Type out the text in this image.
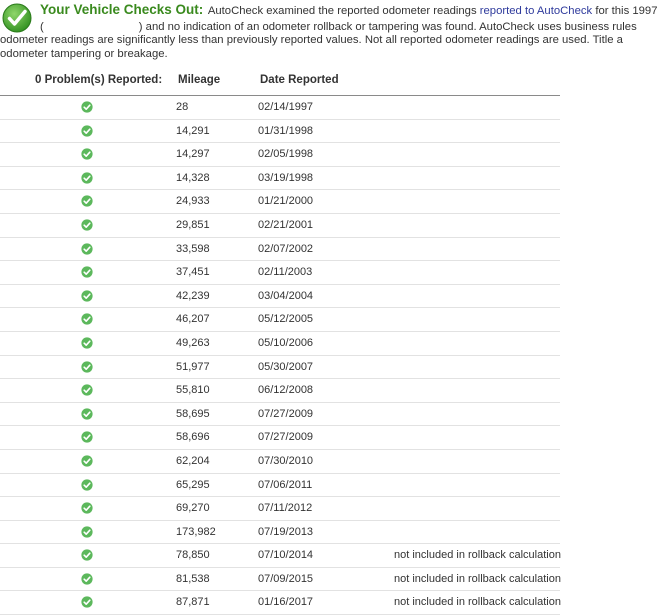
Your Vehicle Checks Out: AutoCheck examined the reported odometer readings reported to AutoCheck for this 1997
(	) and no indication of an odometer rollback or tampering was found. AutoCheck uses business rules
odometer readings are significantly less than previously reported values. Not all reported odometer readings are used. Title a
odometer tampering or breakage.
0 Problem(s) Reported: Mileage	Date Reported
28	02/14/1997
14,291	01/31/1998
14,297	02/05/1998
14,328	03/19/1998
24,933	01/21/2000
29,851	02/21/2001
33,598	02/07/2002
37,451	02/11/2003
42,239	03/04/2004
46,207	05/12/2005
49,263	05/10/2006
51,977	05/30/2007
55,810	06/12/2008
58,695	07/27/2009
58,696	07/27/2009
62,204	07/30/2010
65,295	07/06/2011
69,270	07/11/2012
173,982	07/19/2013
78,850	07/10/2014	not included in rollback calculation
81,538	07/09/2015	not included in rollback calculation
87,871	01/16/2017	not included in rollback calculation
